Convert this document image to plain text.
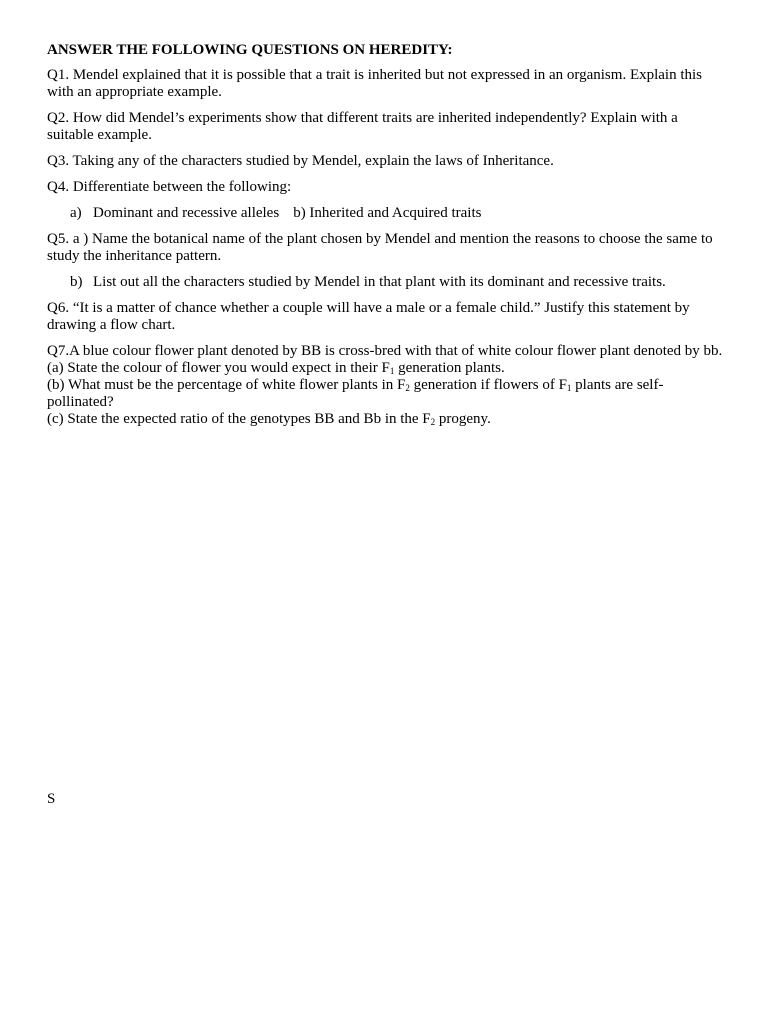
ANSWER THE FOLLOWING QUESTIONS ON HEREDITY:

Q1. Mendel explained that it is possible that a trait is inherited but not expressed in an organism. Explain this with an appropriate example.

Q2. How did Mendel’s experiments show that different traits are inherited independently? Explain with a suitable example.

Q3. Taking any of the characters studied by Mendel, explain the laws of Inheritance.

Q4. Differentiate between the following:

a) Dominant and recessive alleles b) Inherited and Acquired traits

Q5. a ) Name the botanical name of the plant chosen by Mendel and mention the reasons to choose the same to study the inheritance pattern.

b) List out all the characters studied by Mendel in that plant with its dominant and recessive traits.

Q6. “It is a matter of chance whether a couple will have a male or a female child.” Justify this statement by drawing a flow chart.

Q7.A blue colour flower plant denoted by BB is cross-bred with that of white colour flower plant denoted by bb.
(a) State the colour of flower you would expect in their $F_1$ generation plants.
(b) What must be the percentage of white flower plants in $F_2$ generation if flowers of $F_1$ plants are self-pollinated?
(c) State the expected ratio of the genotypes BB and Bb in the $F_2$ progeny.
S
